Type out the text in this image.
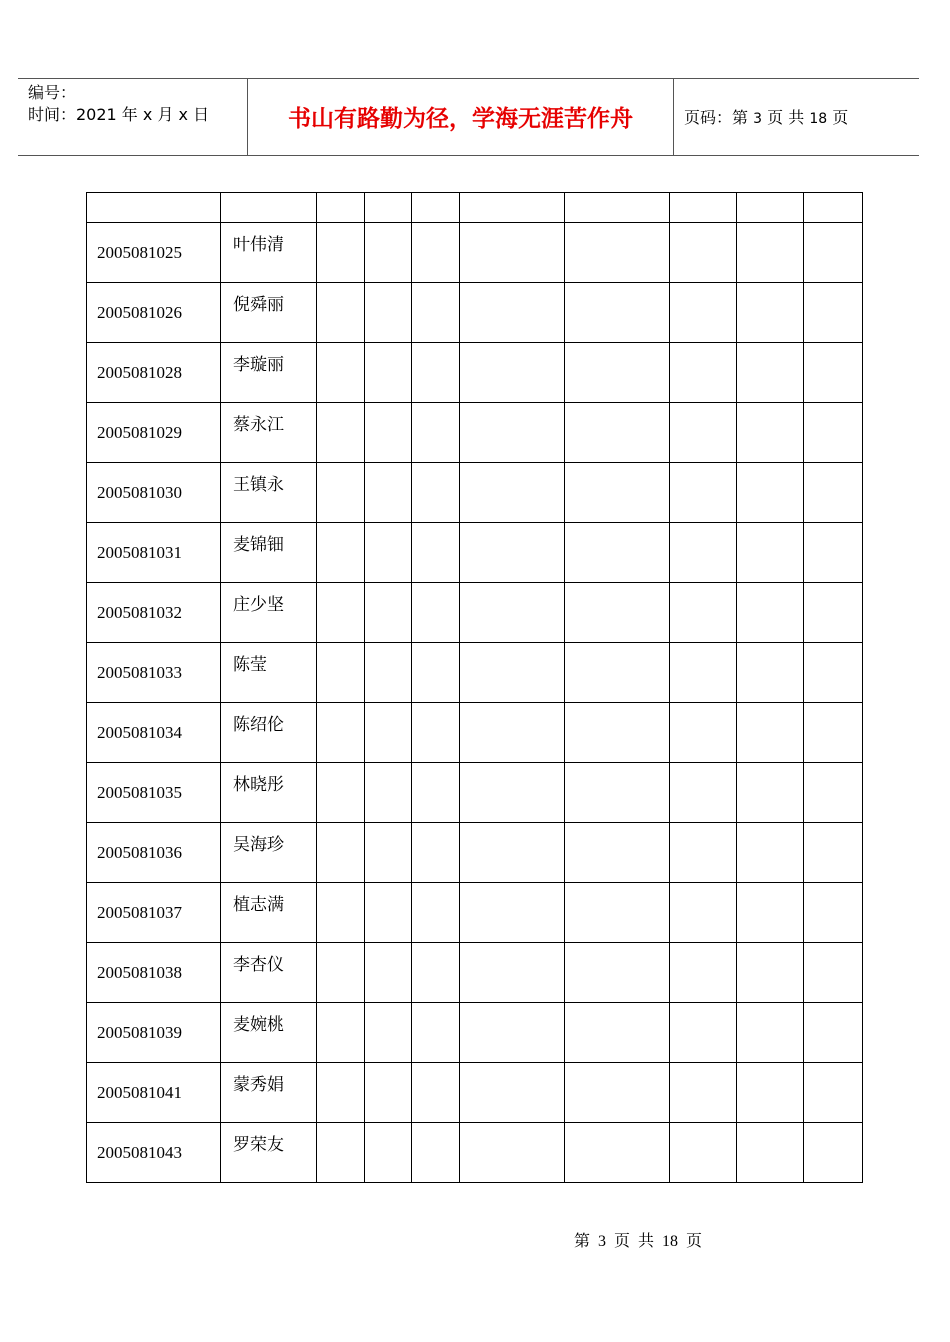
编号：
时间：2021 年 x 月 x 日	书山有路勤为径，学海无涯苦作舟	页码：第 3 页 共 18 页

2005081025	叶伟清								
2005081026	倪舜丽								
2005081028	李璇丽								
2005081029	蔡永江								
2005081030	王镇永								
2005081031	麦锦钿								
2005081032	庄少坚								
2005081033	陈莹								
2005081034	陈绍伦								
2005081035	林晓彤								
2005081036	吴海珍								
2005081037	植志满								
2005081038	李杏仪								
2005081039	麦婉桃								
2005081041	蒙秀娟								
2005081043	罗荣友								
第  3  页  共  18  页
